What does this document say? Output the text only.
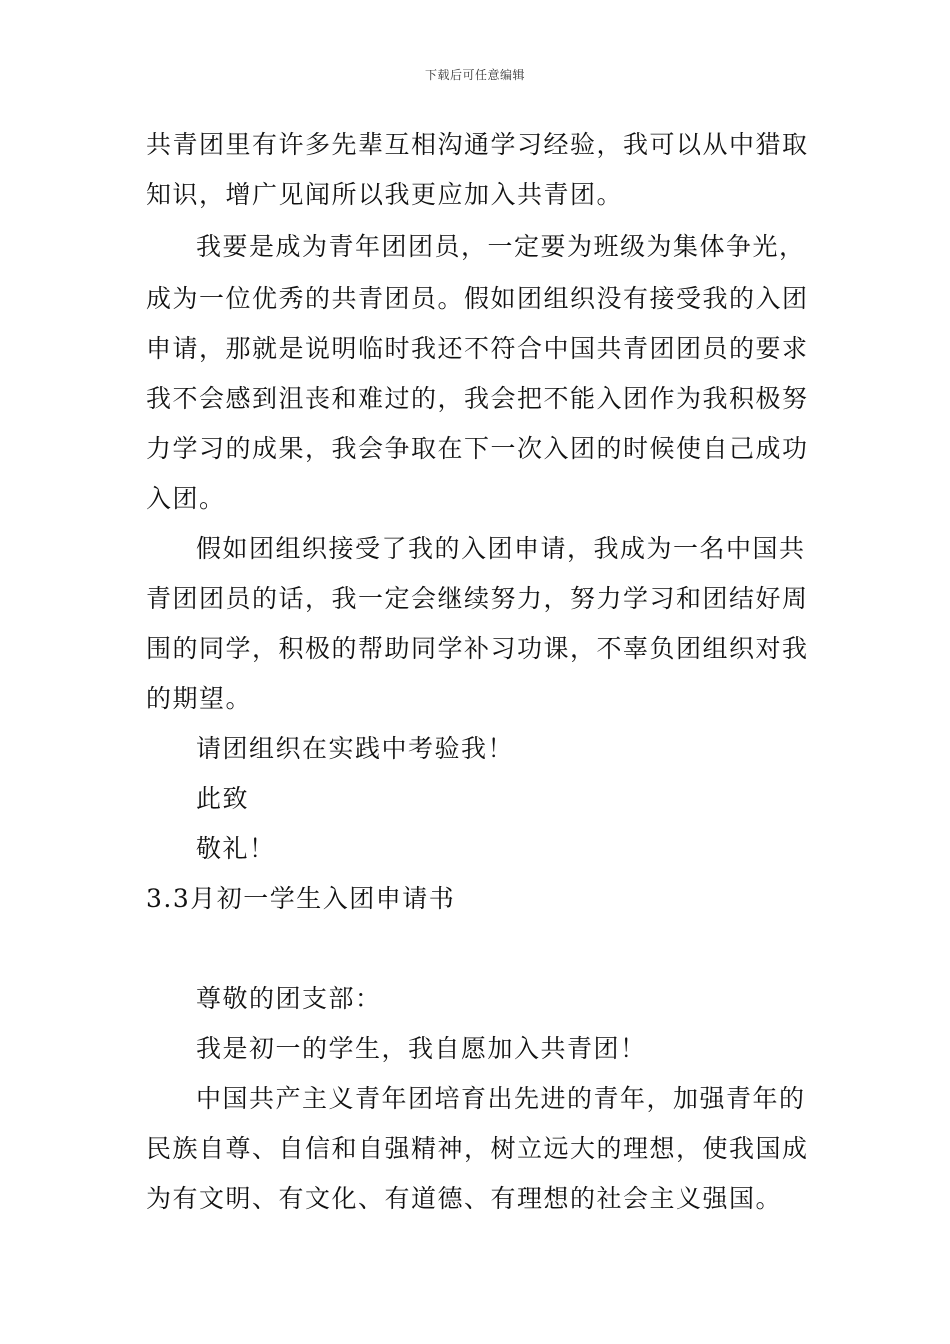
下载后可任意编辑
共青团里有许多先辈互相沟通学习经验，我可以从中猎取
知识，增广见闻所以我更应加入共青团。
我要是成为青年团团员，一定要为班级为集体争光，
成为一位优秀的共青团员。假如团组织没有接受我的入团
申请，那就是说明临时我还不符合中国共青团团员的要求
我不会感到沮丧和难过的，我会把不能入团作为我积极努
力学习的成果，我会争取在下一次入团的时候使自己成功
入团。
假如团组织接受了我的入团申请，我成为一名中国共
青团团员的话，我一定会继续努力，努力学习和团结好周
围的同学，积极的帮助同学补习功课，不辜负团组织对我
的期望。
请团组织在实践中考验我！
此致
敬礼！
3.3月初一学生入团申请书
尊敬的团支部：
我是初一的学生，我自愿加入共青团！
中国共产主义青年团培育出先进的青年，加强青年的
民族自尊、自信和自强精神，树立远大的理想，使我国成
为有文明、有文化、有道德、有理想的社会主义强国。
